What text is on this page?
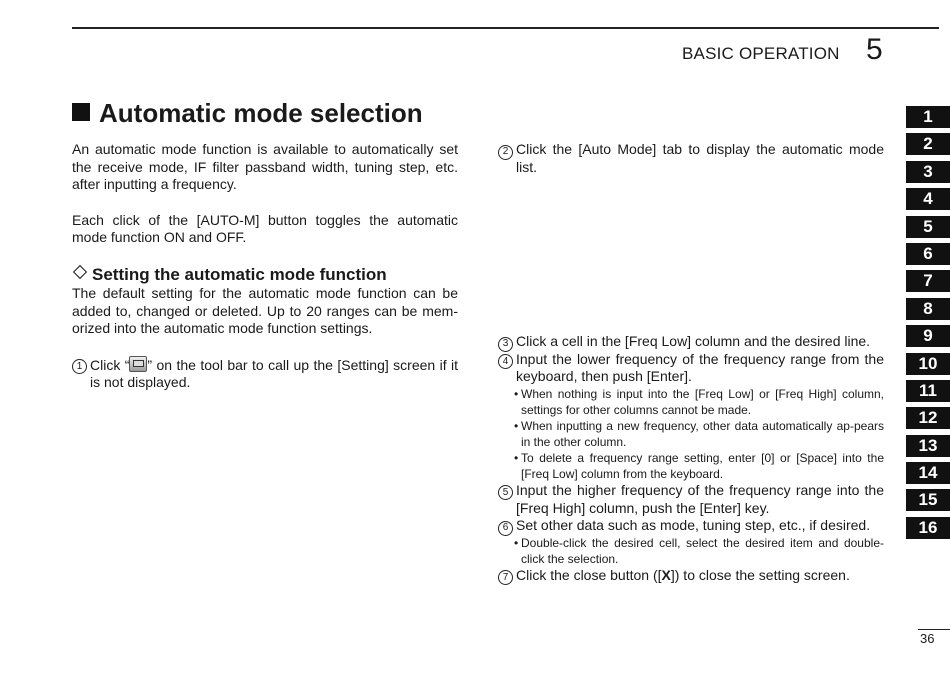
BASIC OPERATION 5
Automatic mode selection

An automatic mode function is available to automatically set the receive mode, IF filter passband width, tuning step, etc. after inputting a frequency.

Each click of the [AUTO-M] button toggles the automatic mode function ON and OFF.

Setting the automatic mode function

The default setting for the automatic mode function can be added to, changed or deleted. Up to 20 ranges can be mem-orized into the automatic mode function settings.

1 Click “ ” on the tool bar to call up the [Setting] screen if it is not displayed.

2 Click the [Auto Mode] tab to display the automatic mode list.

3 Click a cell in the [Freq Low] column and the desired line.

4 Input the lower frequency of the frequency range from the keyboard, then push [Enter].

• When nothing is input into the [Freq Low] or [Freq High] column, settings for other columns cannot be made.

• When inputting a new frequency, other data automatically ap-pears in the other column.

• To delete a frequency range setting, enter [0] or [Space] into the [Freq Low] column from the keyboard.

5 Input the higher frequency of the frequency range into the [Freq High] column, push the [Enter] key.

6 Set other data such as mode, tuning step, etc., if desired.

• Double-click the desired cell, select the desired item and double-click the selection.

7 Click the close button ([X]) to close the setting screen.

1
2
3
4
5
6
7
8
9
10
11
12
13
14
15
16
36
